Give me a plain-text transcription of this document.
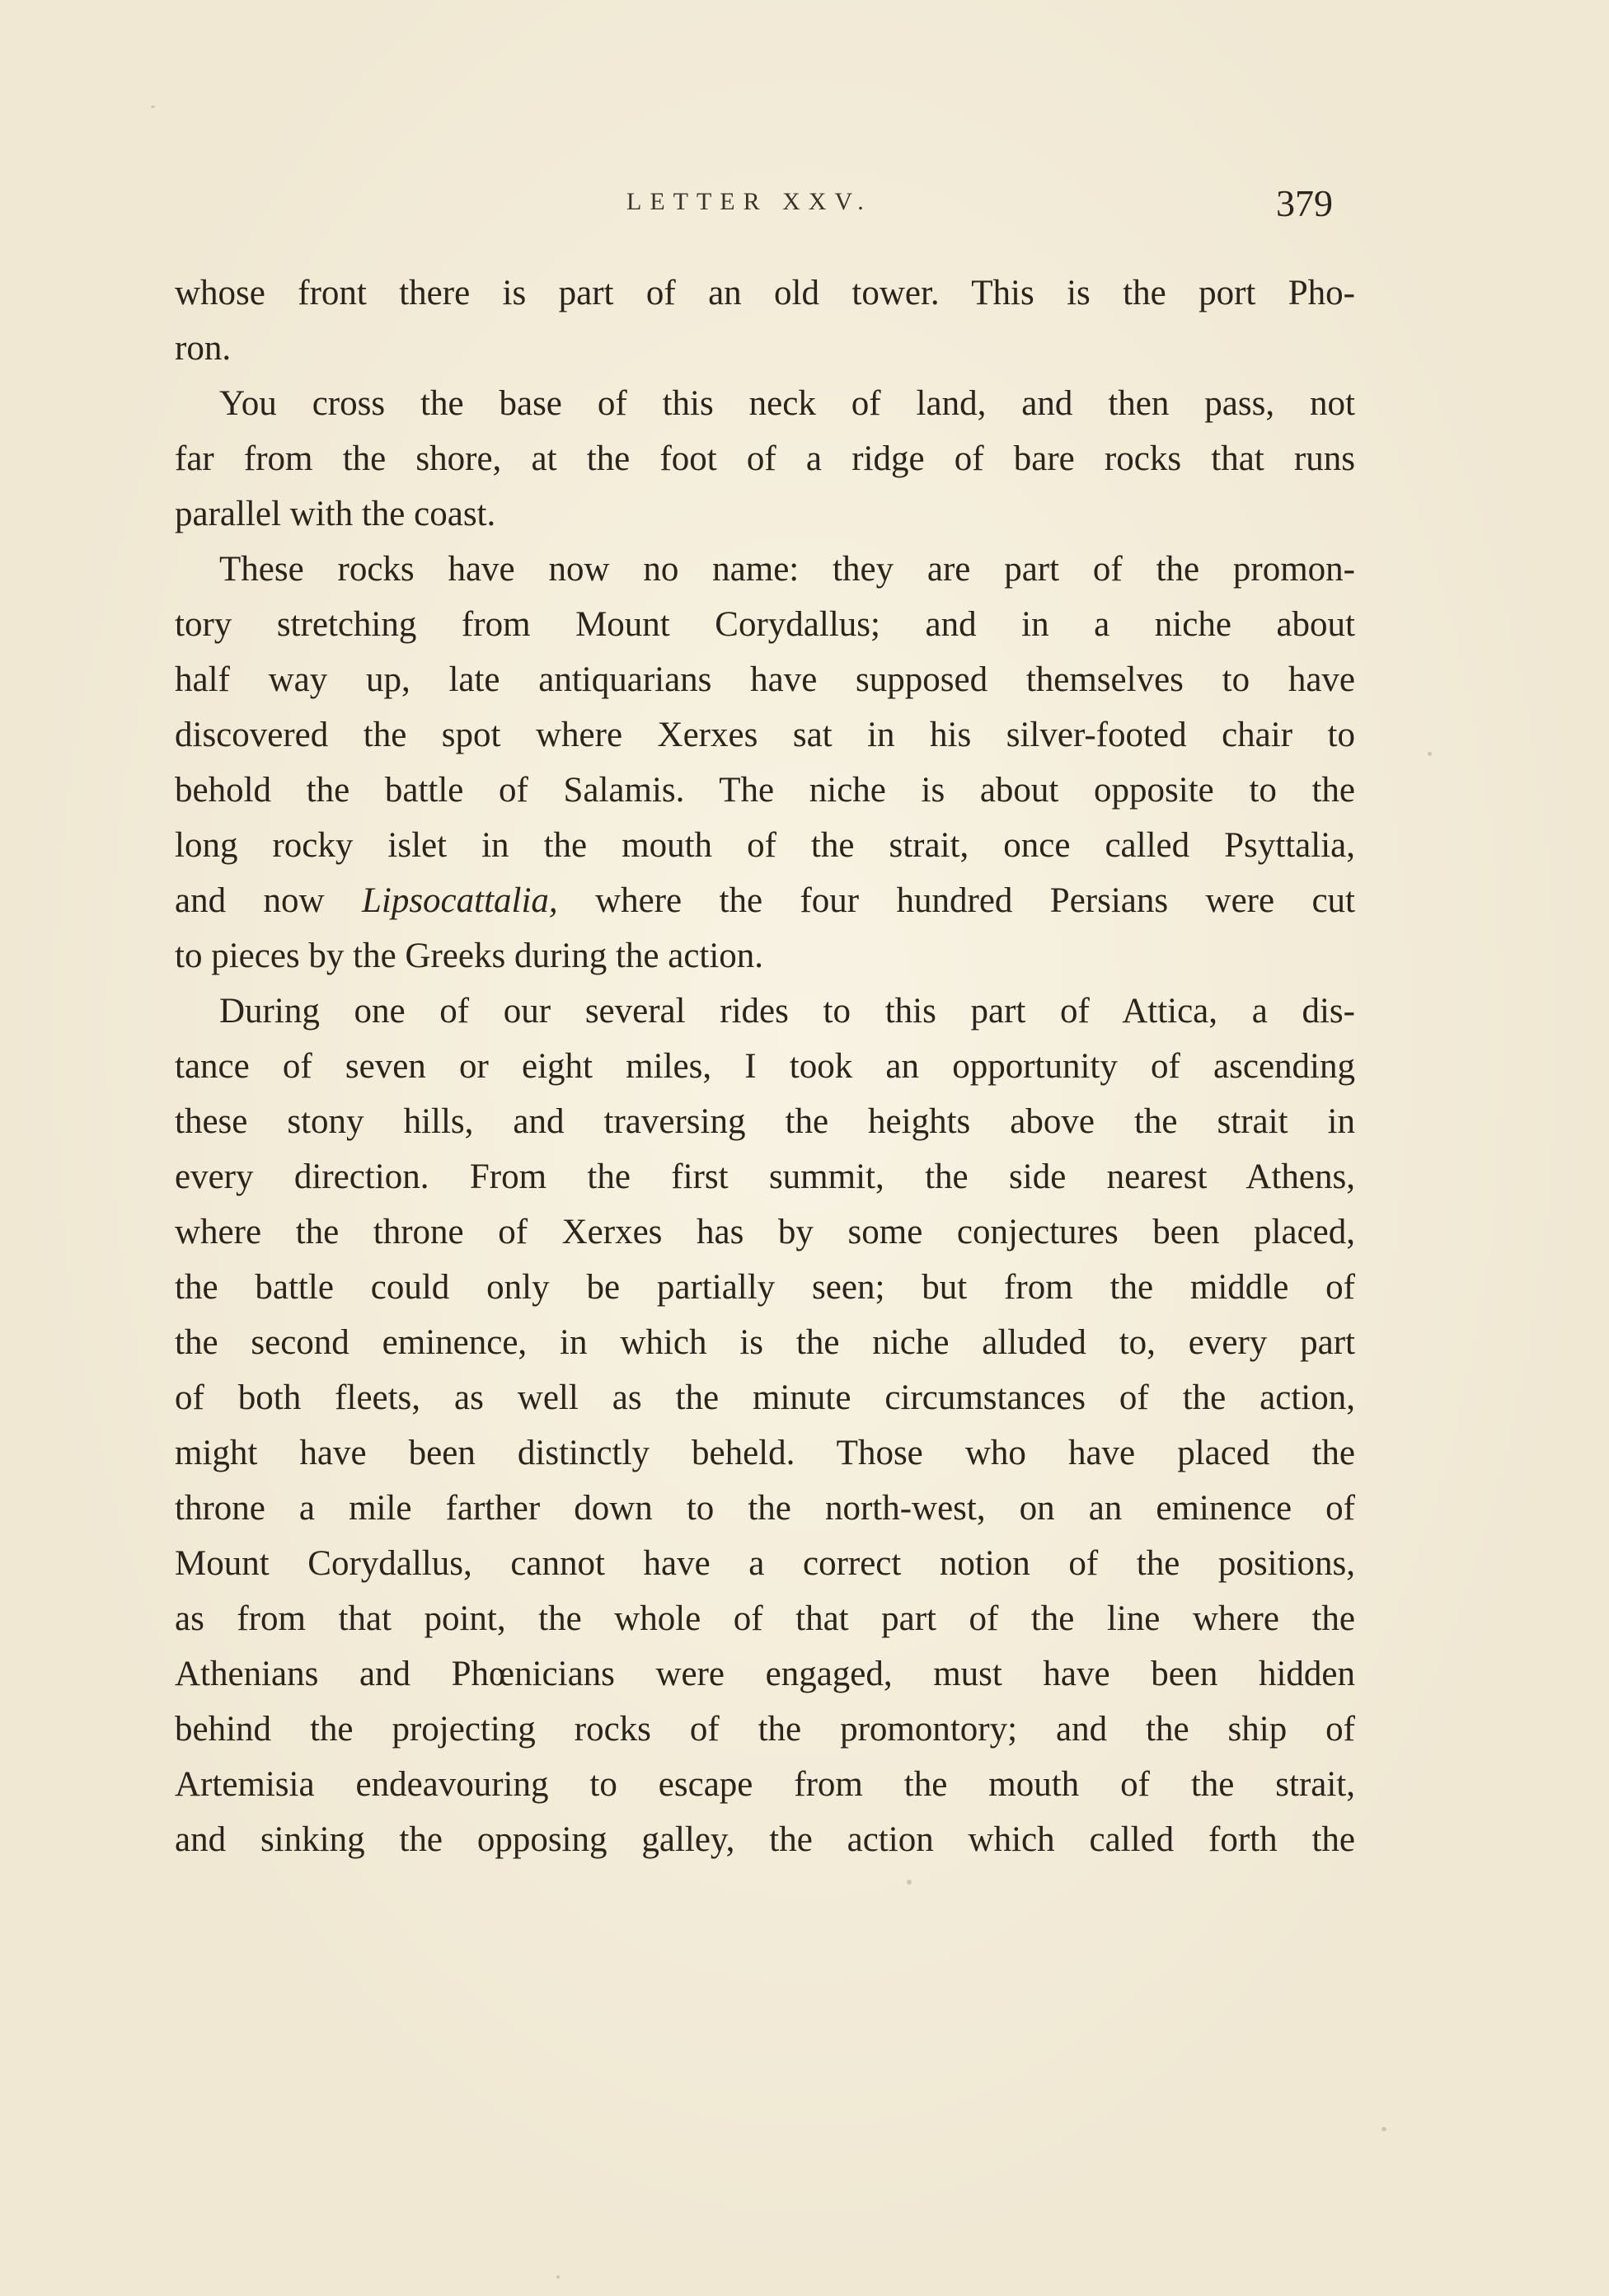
LETTER XXV.	379
whose front there is part of an old tower. This is the port Pho-
ron.
You cross the base of this neck of land, and then pass, not
far from the shore, at the foot of a ridge of bare rocks that runs
parallel with the coast.
These rocks have now no name: they are part of the promon-
tory stretching from Mount Corydallus; and in a niche about
half way up, late antiquarians have supposed themselves to have
discovered the spot where Xerxes sat in his silver-footed chair to
behold the battle of Salamis. The niche is about opposite to the
long rocky islet in the mouth of the strait, once called Psyttalia,
and now Lipsocattalia, where the four hundred Persians were cut
to pieces by the Greeks during the action.
During one of our several rides to this part of Attica, a dis-
tance of seven or eight miles, I took an opportunity of ascending
these stony hills, and traversing the heights above the strait in
every direction. From the first summit, the side nearest Athens,
where the throne of Xerxes has by some conjectures been placed,
the battle could only be partially seen; but from the middle of
the second eminence, in which is the niche alluded to, every part
of both fleets, as well as the minute circumstances of the action,
might have been distinctly beheld. Those who have placed the
throne a mile farther down to the north-west, on an eminence of
Mount Corydallus, cannot have a correct notion of the positions,
as from that point, the whole of that part of the line where the
Athenians and Phœnicians were engaged, must have been hidden
behind the projecting rocks of the promontory; and the ship of
Artemisia endeavouring to escape from the mouth of the strait,
and sinking the opposing galley, the action which called forth the
